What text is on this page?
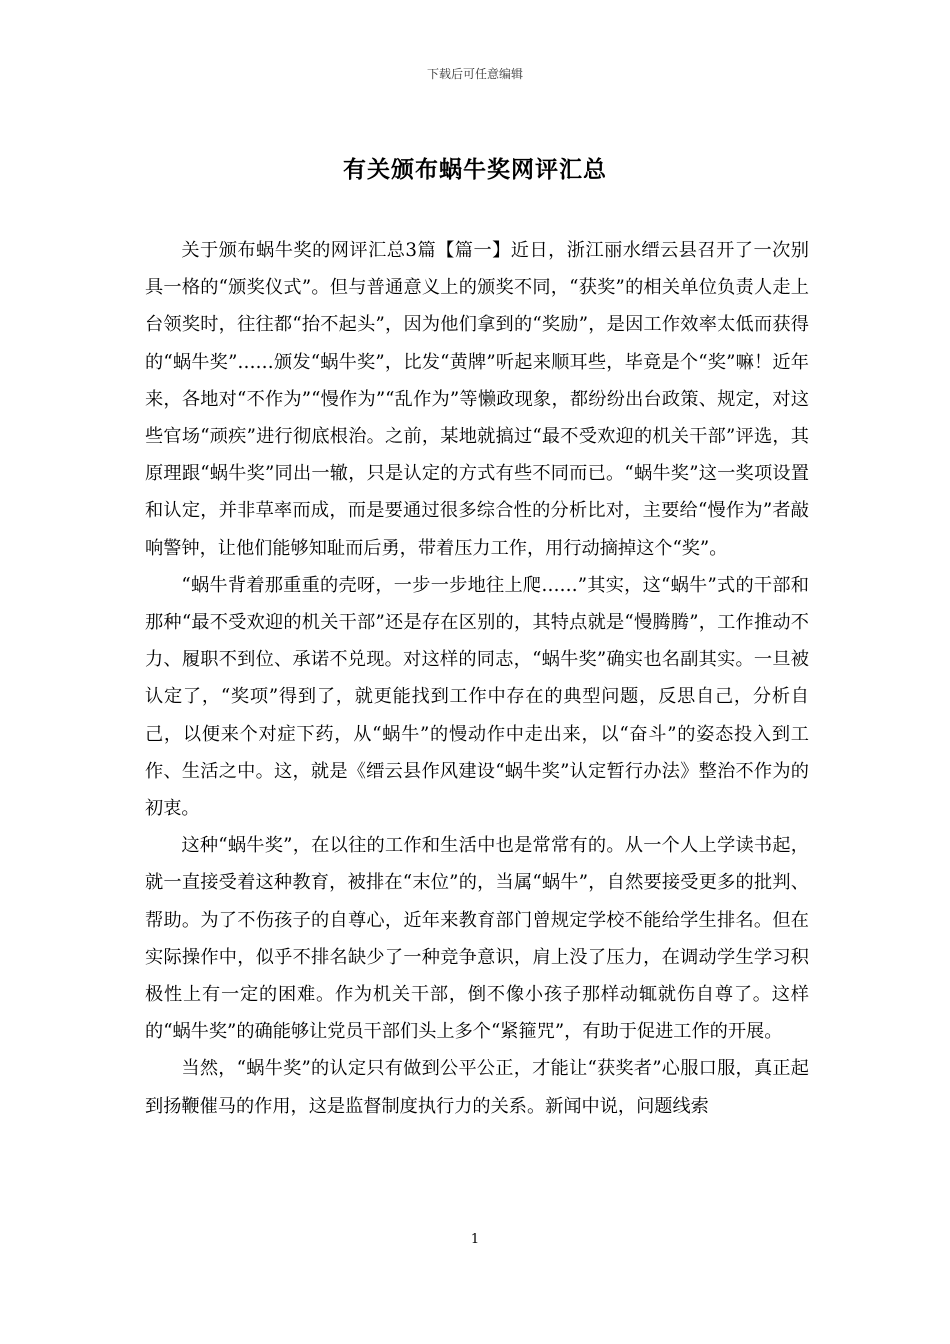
下载后可任意编辑
有关颁布蜗牛奖网评汇总

关于颁布蜗牛奖的网评汇总3篇【篇一】近日，浙江丽水缙云县召开了一次别具一格的“颁奖仪式”。但与普通意义上的颁奖不同，“获奖”的相关单位负责人走上台领奖时，往往都“抬不起头”，因为他们拿到的“奖励”，是因工作效率太低而获得的“蜗牛奖”……颁发“蜗牛奖”，比发“黄牌”听起来顺耳些，毕竟是个“奖”嘛！近年来，各地对“不作为”“慢作为”“乱作为”等懒政现象，都纷纷出台政策、规定，对这些官场“顽疾”进行彻底根治。之前，某地就搞过“最不受欢迎的机关干部”评选，其原理跟“蜗牛奖”同出一辙，只是认定的方式有些不同而已。“蜗牛奖”这一奖项设置和认定，并非草率而成，而是要通过很多综合性的分析比对，主要给“慢作为”者敲响警钟，让他们能够知耻而后勇，带着压力工作，用行动摘掉这个“奖”。

“蜗牛背着那重重的壳呀，一步一步地往上爬……”其实，这“蜗牛”式的干部和那种“最不受欢迎的机关干部”还是存在区别的，其特点就是“慢腾腾”，工作推动不力、履职不到位、承诺不兑现。对这样的同志，“蜗牛奖”确实也名副其实。一旦被认定了，“奖项”得到了，就更能找到工作中存在的典型问题，反思自己，分析自己，以便来个对症下药，从“蜗牛”的慢动作中走出来，以“奋斗”的姿态投入到工作、生活之中。这，就是《缙云县作风建设“蜗牛奖”认定暂行办法》整治不作为的初衷。

这种“蜗牛奖”，在以往的工作和生活中也是常常有的。从一个人上学读书起，就一直接受着这种教育，被排在“末位”的，当属“蜗牛”，自然要接受更多的批判、帮助。为了不伤孩子的自尊心，近年来教育部门曾规定学校不能给学生排名。但在实际操作中，似乎不排名缺少了一种竞争意识，肩上没了压力，在调动学生学习积极性上有一定的困难。作为机关干部，倒不像小孩子那样动辄就伤自尊了。这样的“蜗牛奖”的确能够让党员干部们头上多个“紧箍咒”，有助于促进工作的开展。

当然，“蜗牛奖”的认定只有做到公平公正，才能让“获奖者”心服口服，真正起到扬鞭催马的作用，这是监督制度执行力的关系。新闻中说，问题线索

1
